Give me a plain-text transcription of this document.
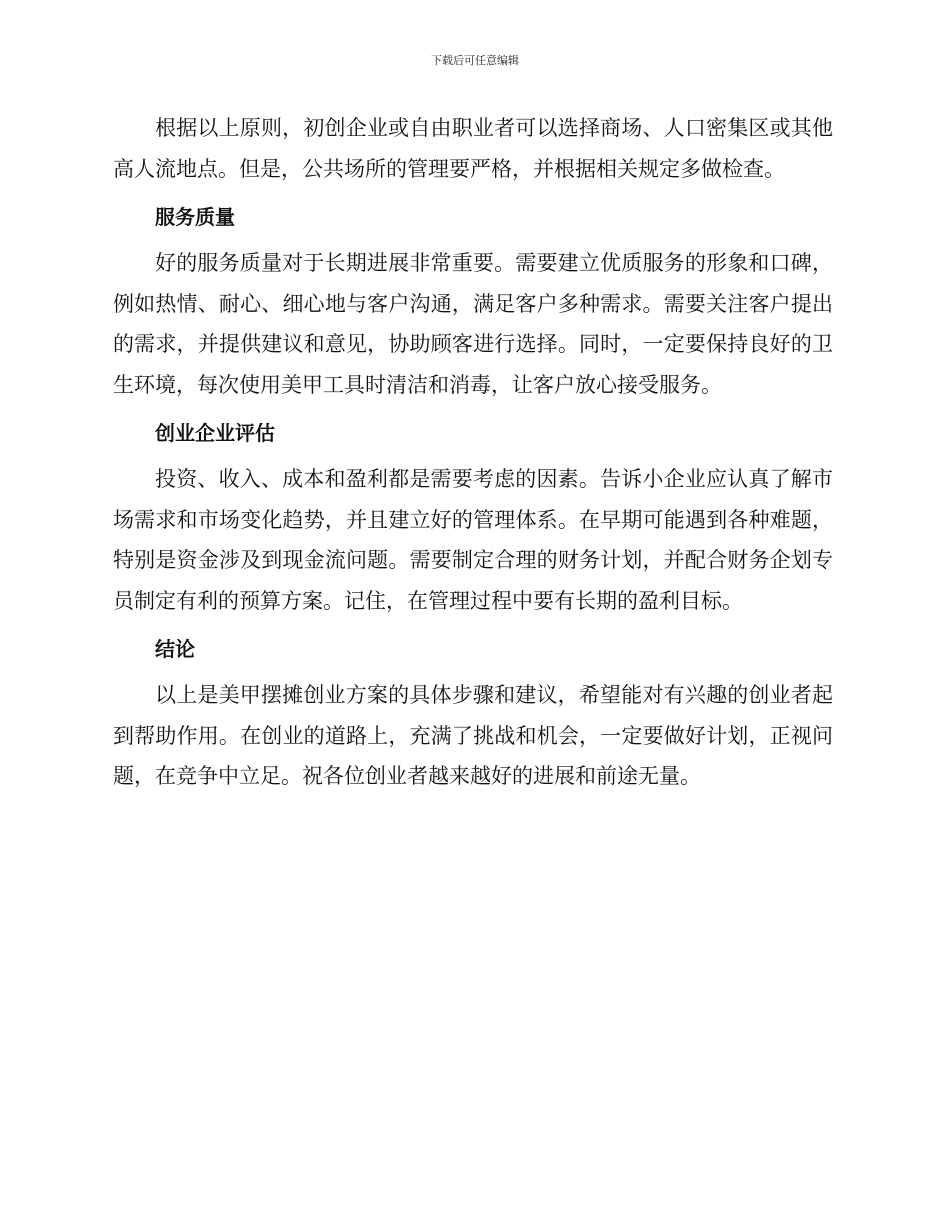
下载后可任意编辑

根据以上原则，初创企业或自由职业者可以选择商场、人口密集区或其他高人流地点。但是，公共场所的管理要严格，并根据相关规定多做检查。

服务质量

好的服务质量对于长期进展非常重要。需要建立优质服务的形象和口碑，例如热情、耐心、细心地与客户沟通，满足客户多种需求。需要关注客户提出的需求，并提供建议和意见，协助顾客进行选择。同时，一定要保持良好的卫生环境，每次使用美甲工具时清洁和消毒，让客户放心接受服务。

创业企业评估

投资、收入、成本和盈利都是需要考虑的因素。告诉小企业应认真了解市场需求和市场变化趋势，并且建立好的管理体系。在早期可能遇到各种难题，特别是资金涉及到现金流问题。需要制定合理的财务计划，并配合财务企划专员制定有利的预算方案。记住，在管理过程中要有长期的盈利目标。

结论

以上是美甲摆摊创业方案的具体步骤和建议，希望能对有兴趣的创业者起到帮助作用。在创业的道路上，充满了挑战和机会，一定要做好计划，正视问题，在竞争中立足。祝各位创业者越来越好的进展和前途无量。
